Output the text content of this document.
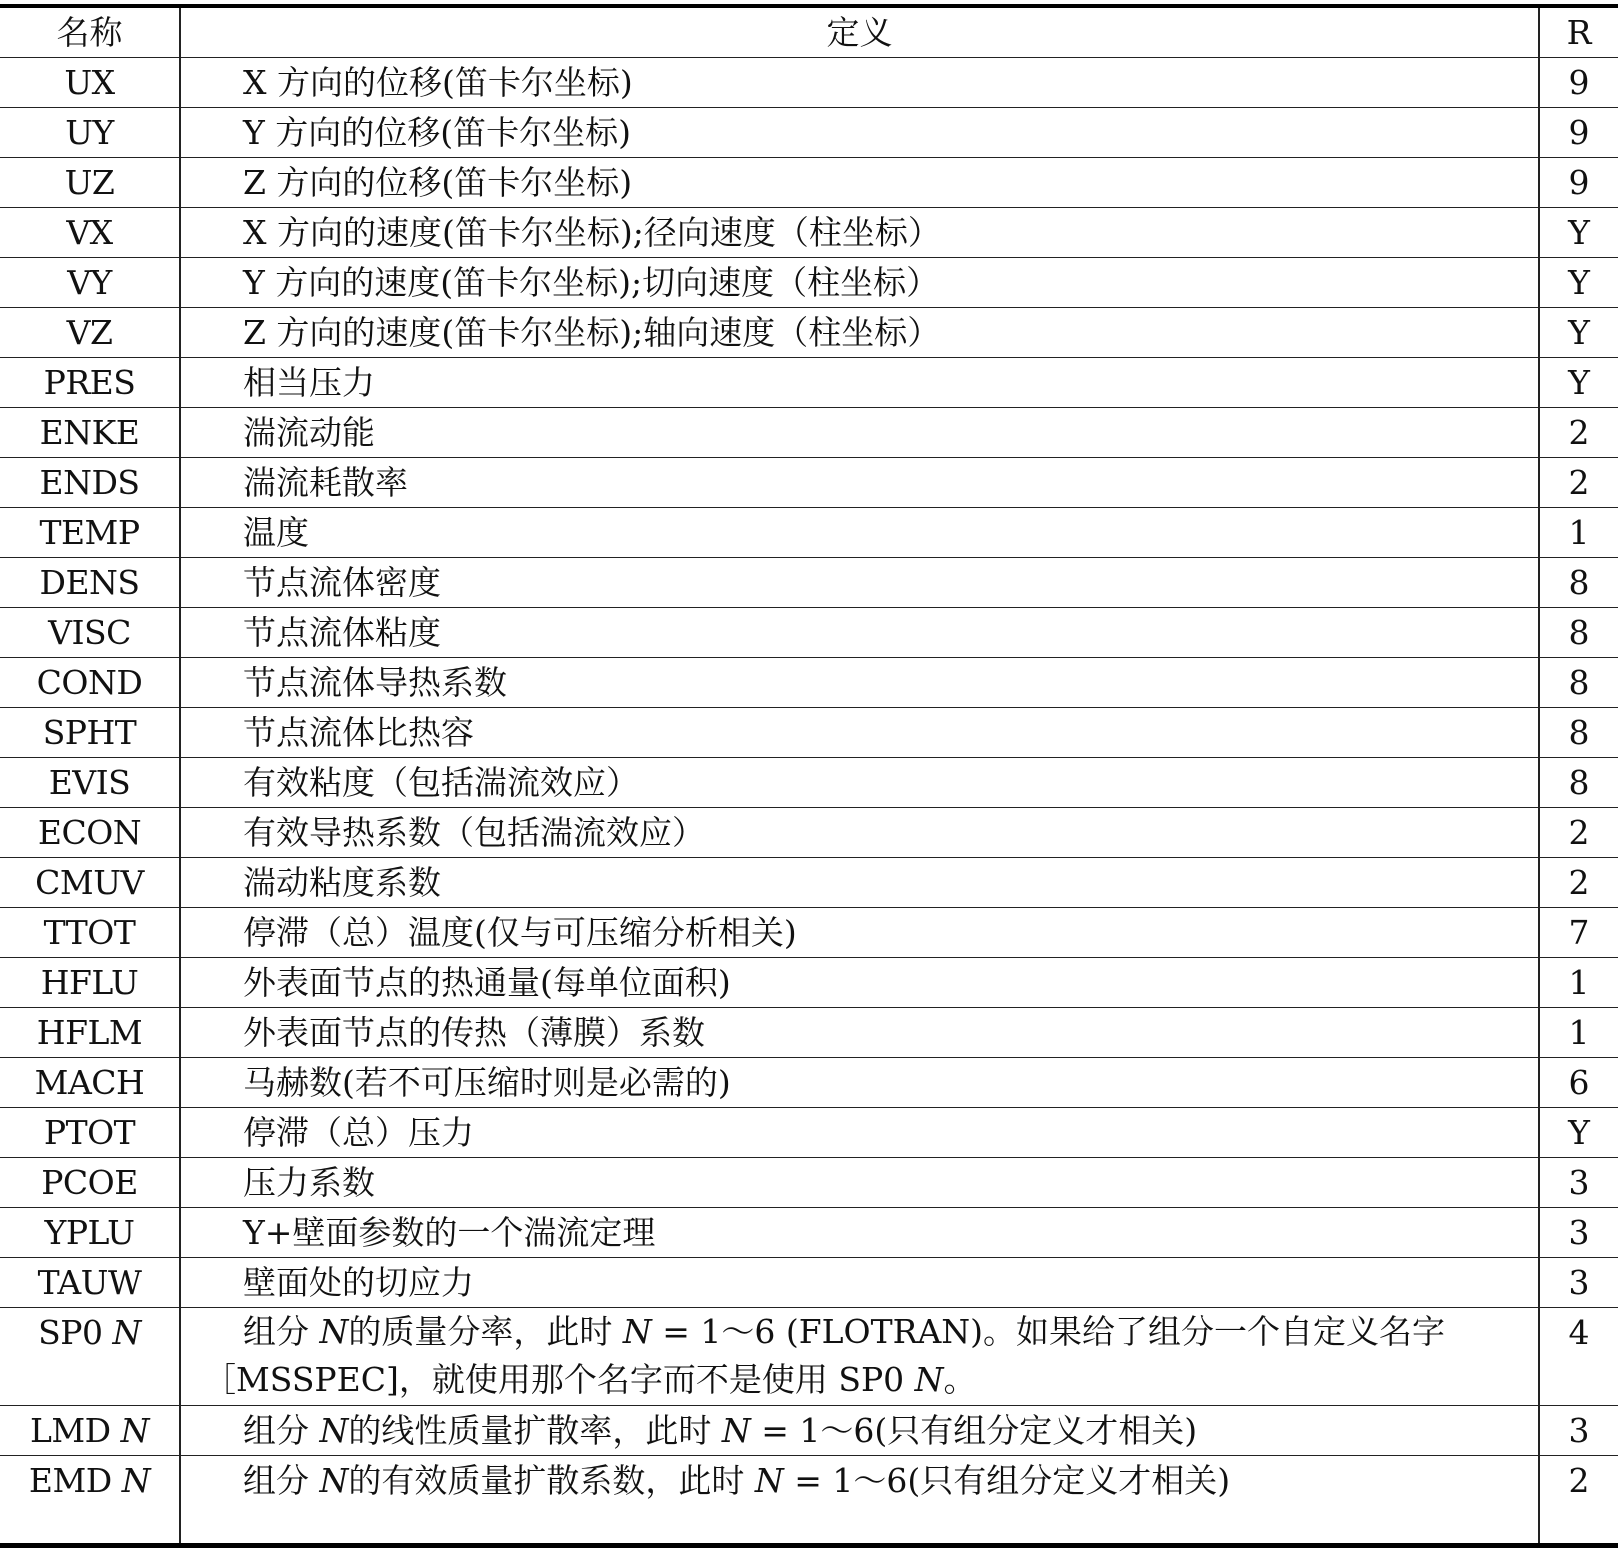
名称	定义	R
UX	X 方向的位移(笛卡尔坐标)	9
UY	Y 方向的位移(笛卡尔坐标)	9
UZ	Z 方向的位移(笛卡尔坐标)	9
VX	X 方向的速度(笛卡尔坐标);径向速度（柱坐标）	Y
VY	Y 方向的速度(笛卡尔坐标);切向速度（柱坐标）	Y
VZ	Z 方向的速度(笛卡尔坐标);轴向速度（柱坐标）	Y
PRES	相当压力	Y
ENKE	湍流动能	2
ENDS	湍流耗散率	2
TEMP	温度	1
DENS	节点流体密度	8
VISC	节点流体粘度	8
COND	节点流体导热系数	8
SPHT	节点流体比热容	8
EVIS	有效粘度（包括湍流效应）	8
ECON	有效导热系数（包括湍流效应）	2
CMUV	湍动粘度系数	2
TTOT	停滞（总）温度(仅与可压缩分析相关)	7
HFLU	外表面节点的热通量(每单位面积)	1
HFLM	外表面节点的传热（薄膜）系数	1
MACH	马赫数(若不可压缩时则是必需的)	6
PTOT	停滞（总）压力	Y
PCOE	压力系数	3
YPLU	Y+壁面参数的一个湍流定理	3
TAUW	壁面处的切应力	3
SP0 N	组分 N的质量分率，此时 N = 1～6 (FLOTRAN)。如果给了组分一个自定义名字［MSSPEC]，就使用那个名字而不是使用 SP0 N。	4
LMD N	组分 N的线性质量扩散率，此时 N = 1～6(只有组分定义才相关)	3
EMD N	组分 N的有效质量扩散系数，此时 N = 1～6(只有组分定义才相关)	2
